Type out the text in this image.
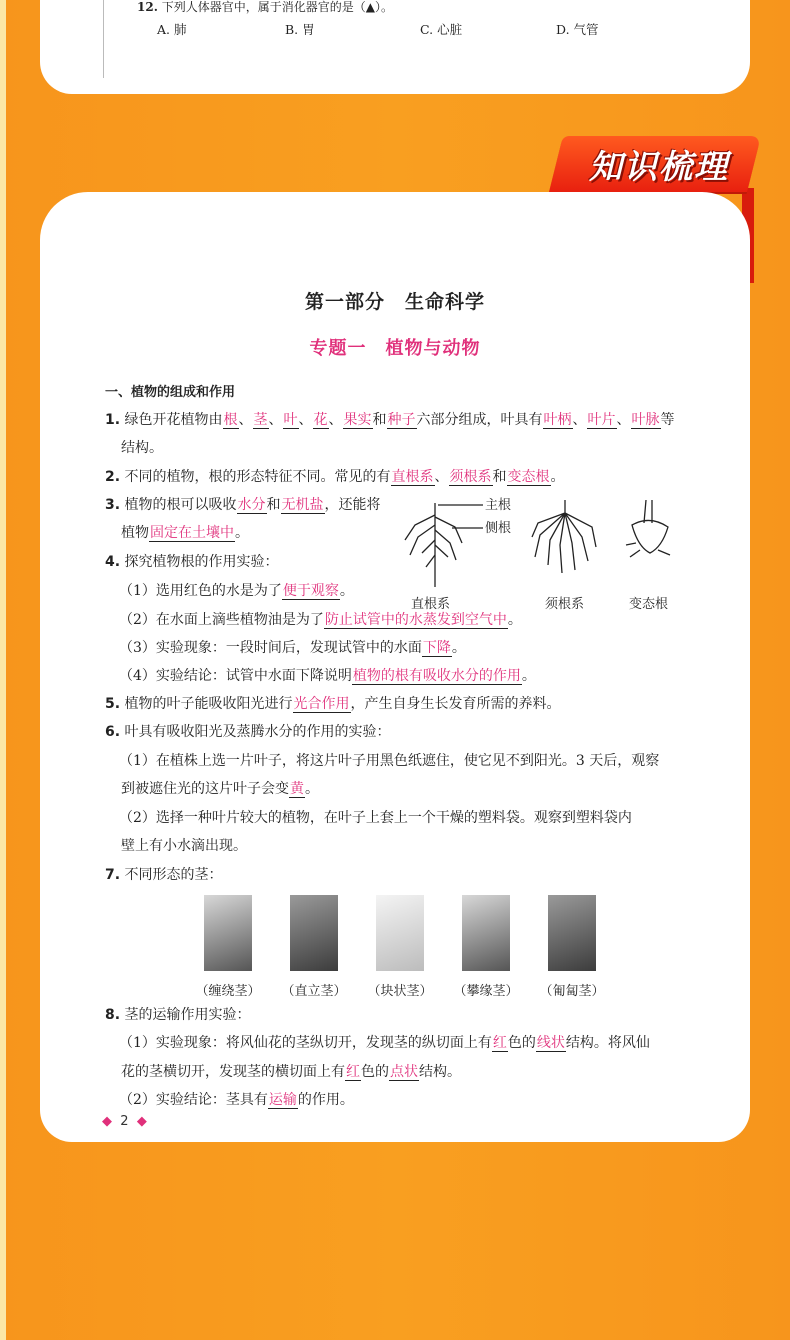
12. 下列人体器官中，属于消化器官的是（▲）。
A. 肺	B. 胃	C. 心脏	D. 气管
知识梳理
第一部分　生命科学
专题一　植物与动物
一、植物的组成和作用
1. 绿色开花植物由根、茎、叶、花、果实和种子六部分组成，叶具有叶柄、叶片、叶脉等
结构。
2. 不同的植物，根的形态特征不同。常见的有直根系、须根系和变态根。
3. 植物的根可以吸收水分和无机盐，还能将
植物固定在土壤中。
主根
侧根
直根系	须根系	变态根
4. 探究植物根的作用实验：
（1）选用红色的水是为了便于观察。
（2）在水面上滴些植物油是为了防止试管中的水蒸发到空气中。
（3）实验现象：一段时间后，发现试管中的水面下降。
（4）实验结论：试管中水面下降说明植物的根有吸收水分的作用。
5. 植物的叶子能吸收阳光进行光合作用，产生自身生长发育所需的养料。
6. 叶具有吸收阳光及蒸腾水分的作用的实验：
（1）在植株上选一片叶子，将这片叶子用黑色纸遮住，使它见不到阳光。3 天后，观察
到被遮住光的这片叶子会变黄。
（2）选择一种叶片较大的植物，在叶子上套上一个干燥的塑料袋。观察到塑料袋内
壁上有小水滴出现。
7. 不同形态的茎：
（缠绕茎）	（直立茎）	（块状茎）	（攀缘茎）	（匍匐茎）
8. 茎的运输作用实验：
（1）实验现象：将风仙花的茎纵切开，发现茎的纵切面上有红色的线状结构。将风仙
花的茎横切开，发现茎的横切面上有红色的点状结构。
（2）实验结论：茎具有运输的作用。
◆ 2 ◆
